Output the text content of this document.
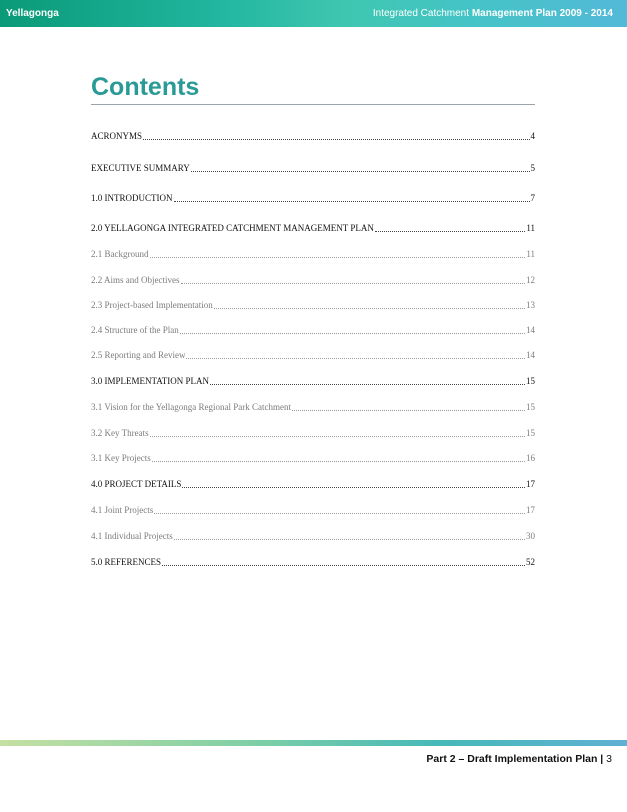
Yellagonga	Integrated Catchment Management Plan 2009 - 2014
Contents
ACRONYMS	4
EXECUTIVE SUMMARY	5
1.0 INTRODUCTION	7
2.0 YELLAGONGA INTEGRATED CATCHMENT MANAGEMENT PLAN	11
2.1 Background	11
2.2 Aims and Objectives	12
2.3 Project-based Implementation	13
2.4 Structure of the Plan	14
2.5 Reporting and Review	14
3.0 IMPLEMENTATION PLAN	15
3.1 Vision for the Yellagonga Regional Park Catchment	15
3.2 Key Threats	15
3.1 Key Projects	16
4.0 PROJECT DETAILS	17
4.1 Joint Projects	17
4.1 Individual Projects	30
5.0 REFERENCES	52
Part 2 – Draft Implementation Plan | 3
